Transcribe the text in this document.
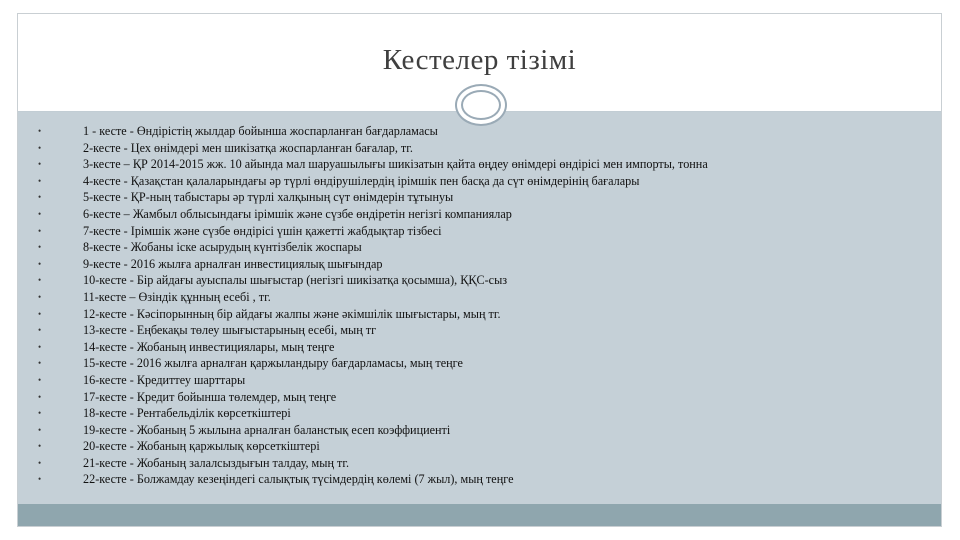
Кестелер тізімі
•	1 - кесте - Өндірістің жылдар бойынша жоспарланған бағдарламасы
•	2-кесте - Цех өнімдері мен шикізатқа жоспарланған бағалар, тг.
•	3-кесте – ҚР 2014-2015 жж. 10 айында мал шаруашылығы шикізатын қайта өңдеу өнімдері өндірісі мен импорты, тонна
•	4-кесте - Қазақстан қалаларындағы әр түрлі өндірушілердің ірімшік пен басқа да сүт өнімдерінің бағалары
•	5-кесте - ҚР-ның табыстары әр түрлі халқының сүт өнімдерін тұтынуы
•	6-кесте – Жамбыл облысындағы ірімшік және сүзбе өндіретін негізгі компаниялар
•	7-кесте - Ірімшік және сүзбе өндірісі үшін қажетті жабдықтар тізбесі
•	8-кесте - Жобаны іске асырудың күнтізбелік жоспары
•	9-кесте - 2016 жылға арналған инвестициялық шығындар
•	10-кесте - Бір айдағы ауыспалы шығыстар (негізгі шикізатқа қосымша), ҚҚС-сыз
•	11-кесте – Өзіндік құнның есебі , тг.
•	12-кесте - Кәсіпорынның бір айдағы жалпы және әкімшілік шығыстары, мың тг.
•	13-кесте - Еңбекақы төлеу шығыстарының есебі, мың тг
•	14-кесте - Жобаның инвестициялары, мың теңге
•	15-кесте - 2016 жылға арналған қаржыландыру бағдарламасы, мың теңге
•	16-кесте - Кредиттеу шарттары
•	17-кесте - Кредит бойынша төлемдер, мың теңге
•	18-кесте - Рентабельділік көрсеткіштері
•	19-кесте - Жобаның 5 жылына арналған баланстық есеп коэффициенті
•	20-кесте - Жобаның қаржылық көрсеткіштері
•	21-кесте - Жобаның залалсыздығын талдау, мың тг.
•	22-кесте - Болжамдау кезеңіндегі салықтық түсімдердің көлемі (7 жыл), мың теңге
